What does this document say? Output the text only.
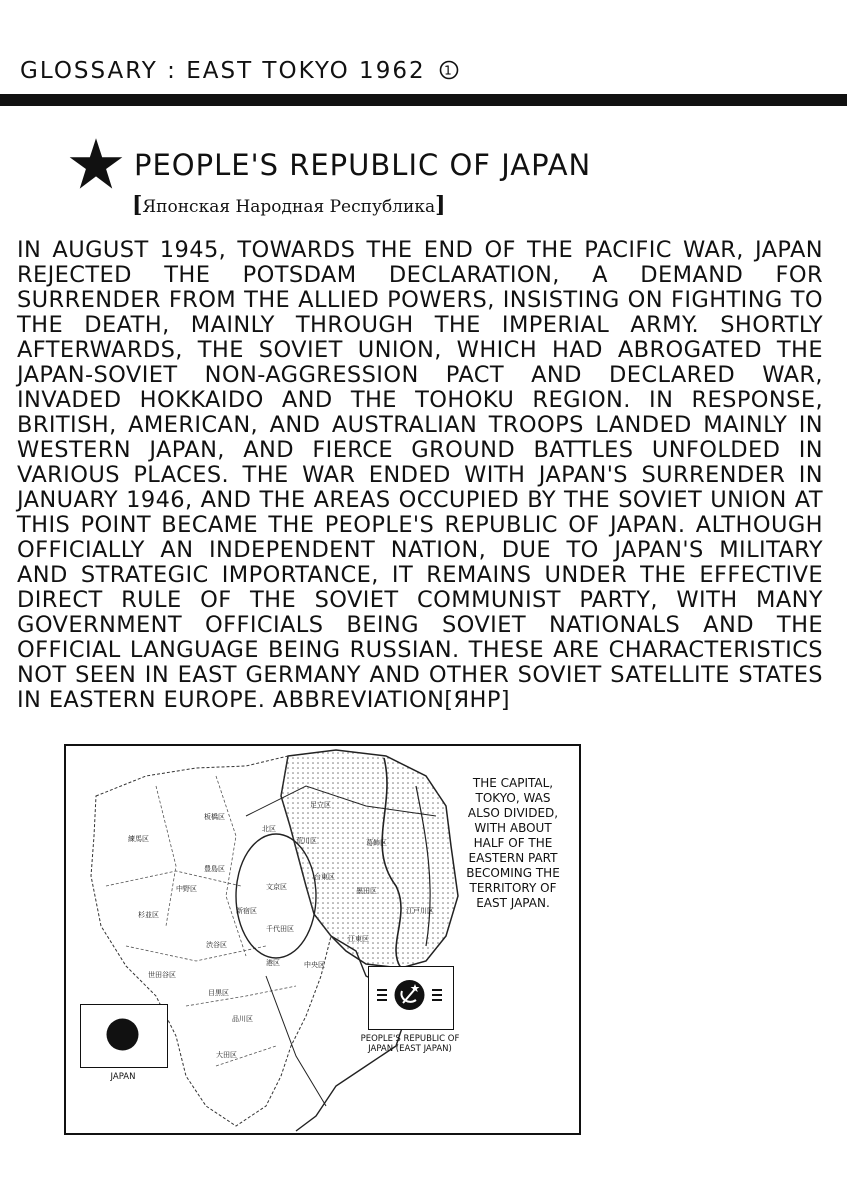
GLOSSARY : EAST TOKYO 1962 1
PEOPLE'S REPUBLIC OF JAPAN
[Японская Народная Республика]
IN AUGUST 1945, TOWARDS THE END OF THE PACIFIC WAR, JAPAN REJECTED THE POTSDAM DECLARATION, A DEMAND FOR SURRENDER FROM THE ALLIED POWERS, INSISTING ON FIGHTING TO THE DEATH, MAINLY THROUGH THE IMPERIAL ARMY. SHORTLY AFTERWARDS, THE SOVIET UNION, WHICH HAD ABROGATED THE JAPAN-SOVIET NON-AGGRESSION PACT AND DECLARED WAR, INVADED HOKKAIDO AND THE TOHOKU REGION. IN RESPONSE, BRITISH, AMERICAN, AND AUSTRALIAN TROOPS LANDED MAINLY IN WESTERN JAPAN, AND FIERCE GROUND BATTLES UNFOLDED IN VARIOUS PLACES. THE WAR ENDED WITH JAPAN'S SURRENDER IN JANUARY 1946, AND THE AREAS OCCUPIED BY THE SOVIET UNION AT THIS POINT BECAME THE PEOPLE'S REPUBLIC OF JAPAN. ALTHOUGH OFFICIALLY AN INDEPENDENT NATION, DUE TO JAPAN'S MILITARY AND STRATEGIC IMPORTANCE, IT REMAINS UNDER THE EFFECTIVE DIRECT RULE OF THE SOVIET COMMUNIST PARTY, WITH MANY GOVERNMENT OFFICIALS BEING SOVIET NATIONALS AND THE OFFICIAL LANGUAGE BEING RUSSIAN. THESE ARE CHARACTERISTICS NOT SEEN IN EAST GERMANY AND OTHER SOVIET SATELLITE STATES IN EASTERN EUROPE. ABBREVIATION[ЯНР]
THE CAPITAL, TOKYO, WAS ALSO DIVIDED, WITH ABOUT HALF OF THE EASTERN PART BECOMING THE TERRITORY OF EAST JAPAN.
足立区
板橋区
北区
練馬区	荒川区	葛飾区
豊島区
中野区	文京区
台東区
墨田区
杉並区	新宿区	江戸川区
千代田区
渋谷区
江東区
港区	中央区
世田谷区
目黒区
品川区
大田区
JAPAN
PEOPLE'S REPUBLIC OF JAPAN (EAST JAPAN)
